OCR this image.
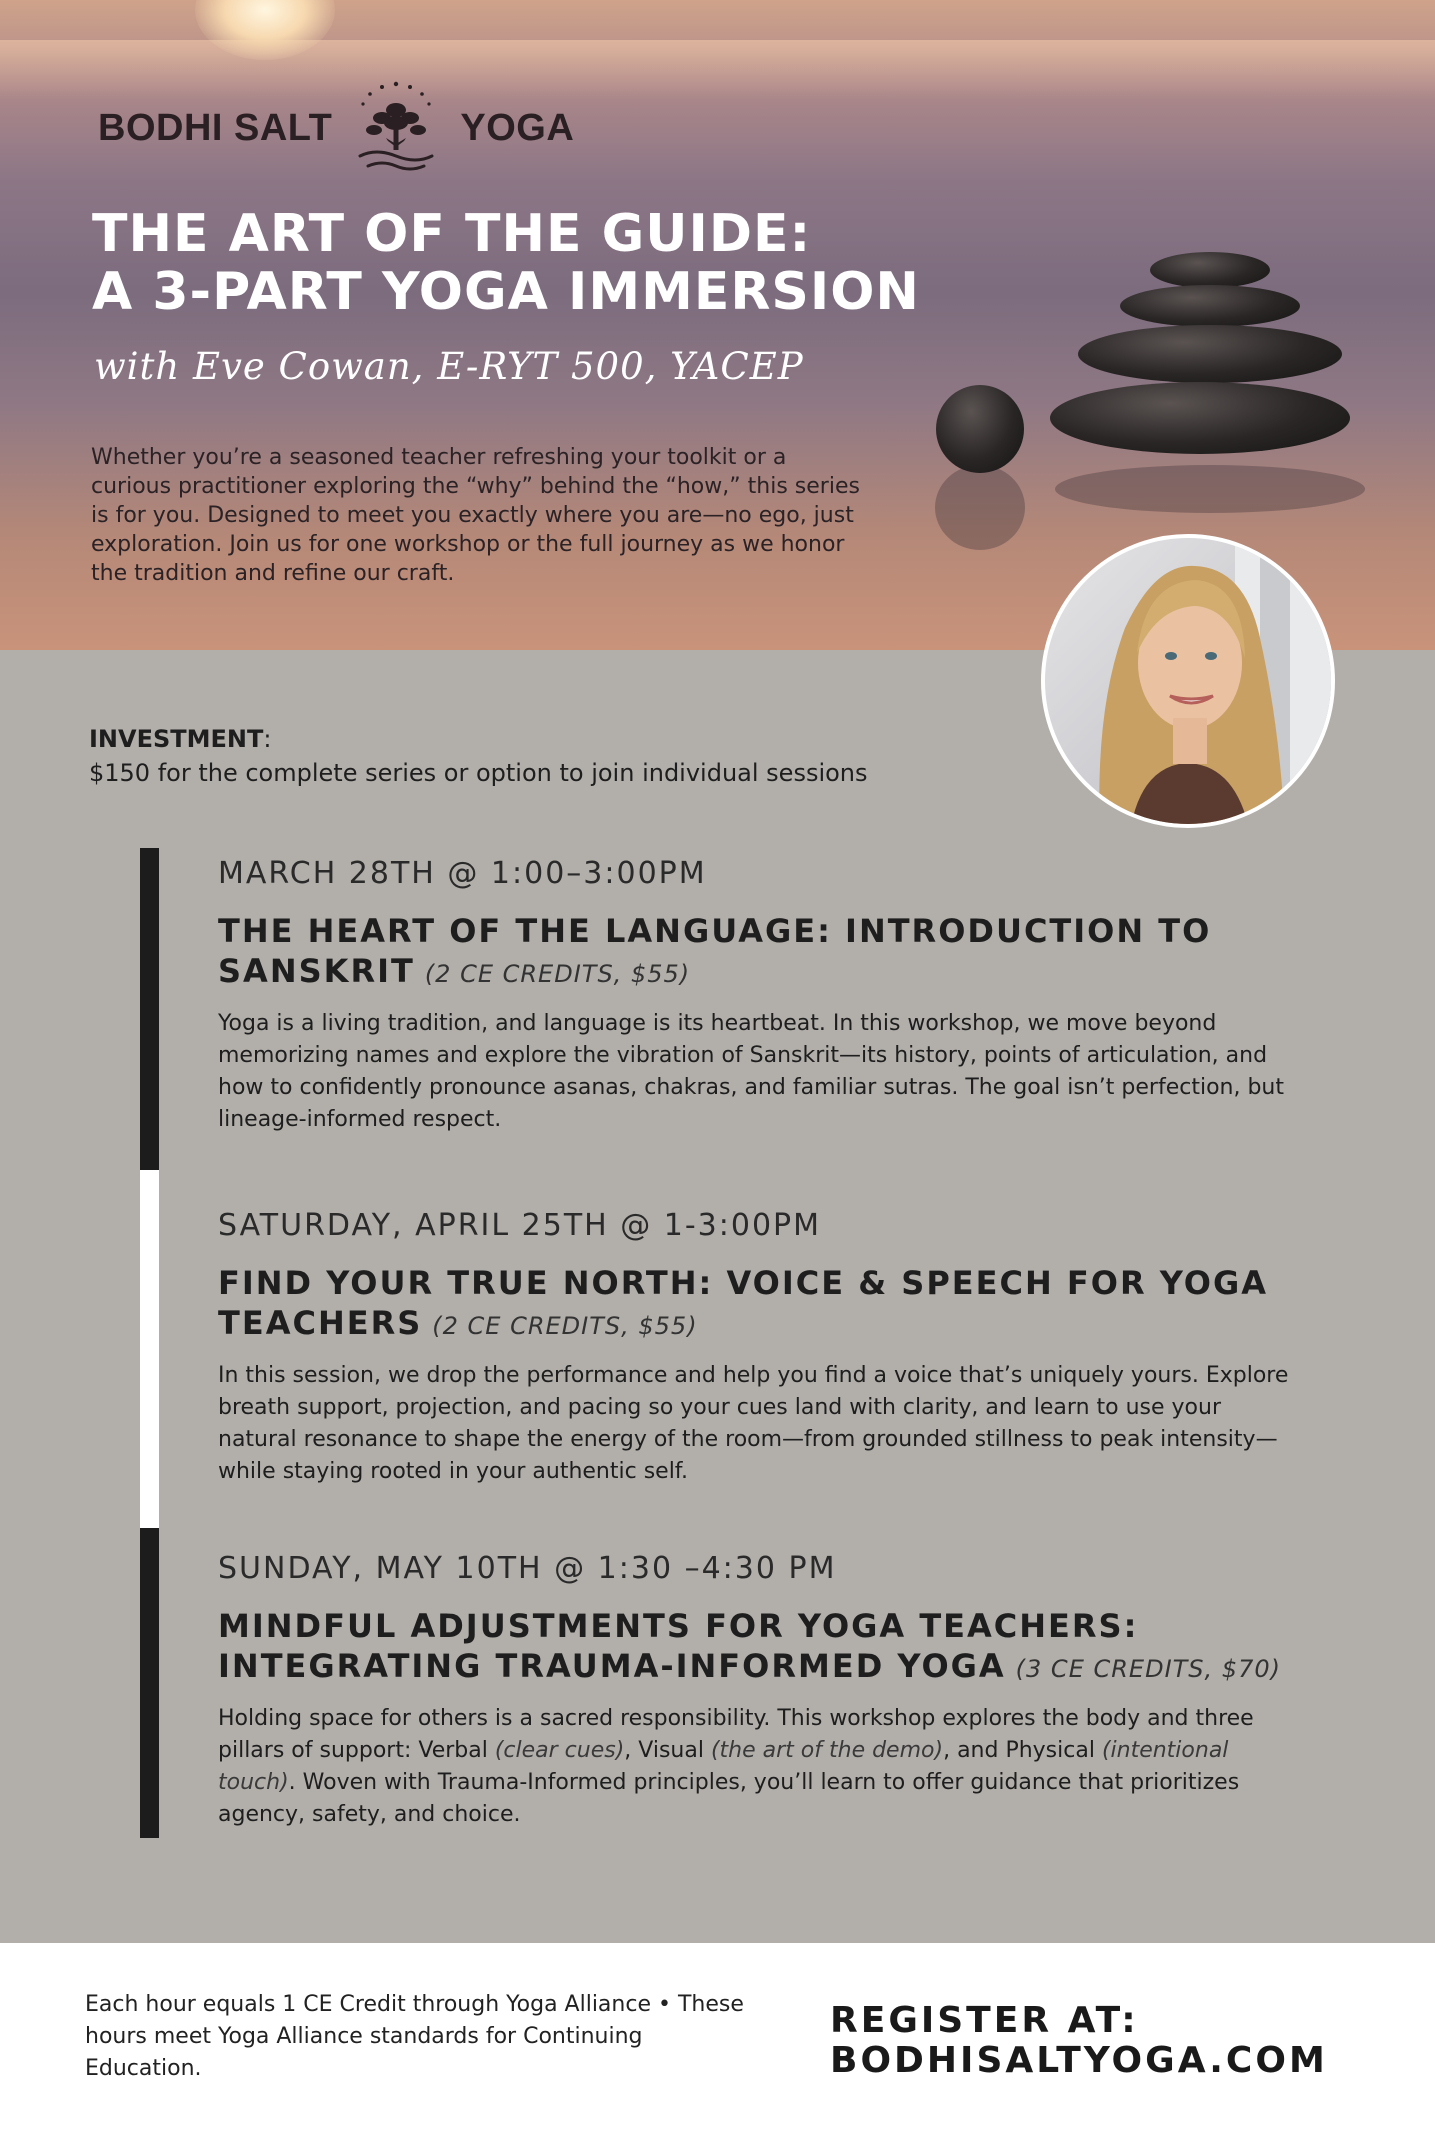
BODHI SALT	YOGA
THE ART OF THE GUIDE:
A 3-PART YOGA IMMERSION
with Eve Cowan, E-RYT 500, YACEP
Whether you’re a seasoned teacher refreshing your toolkit or a curious practitioner exploring the “why” behind the “how,” this series is for you. Designed to meet you exactly where you are—no ego, just exploration. Join us for one workshop or the full journey as we honor the tradition and refine our craft.
INVESTMENT:
$150 for the complete series or option to join individual sessions
MARCH 28TH @ 1:00–3:00PM
THE HEART OF THE LANGUAGE: INTRODUCTION TO SANSKRIT (2 CE CREDITS, $55)
Yoga is a living tradition, and language is its heartbeat. In this workshop, we move beyond memorizing names and explore the vibration of Sanskrit—its history, points of articulation, and how to confidently pronounce asanas, chakras, and familiar sutras. The goal isn’t perfection, but lineage-informed respect.
SATURDAY, APRIL 25TH @ 1-3:00PM
FIND YOUR TRUE NORTH: VOICE & SPEECH FOR YOGA TEACHERS (2 CE CREDITS, $55)
In this session, we drop the performance and help you find a voice that’s uniquely yours. Explore breath support, projection, and pacing so your cues land with clarity, and learn to use your natural resonance to shape the energy of the room—from grounded stillness to peak intensity—while staying rooted in your authentic self.
SUNDAY, MAY 10TH @ 1:30 –4:30 PM
MINDFUL ADJUSTMENTS FOR YOGA TEACHERS: INTEGRATING TRAUMA-INFORMED YOGA (3 CE CREDITS, $70)
Holding space for others is a sacred responsibility. This workshop explores the body and three pillars of support: Verbal (clear cues), Visual (the art of the demo), and Physical (intentional touch). Woven with Trauma-Informed principles, you’ll learn to offer guidance that prioritizes agency, safety, and choice.
Each hour equals 1 CE Credit through Yoga Alliance • These hours meet Yoga Alliance standards for Continuing Education.
REGISTER AT:
BODHISALTYOGA.COM
